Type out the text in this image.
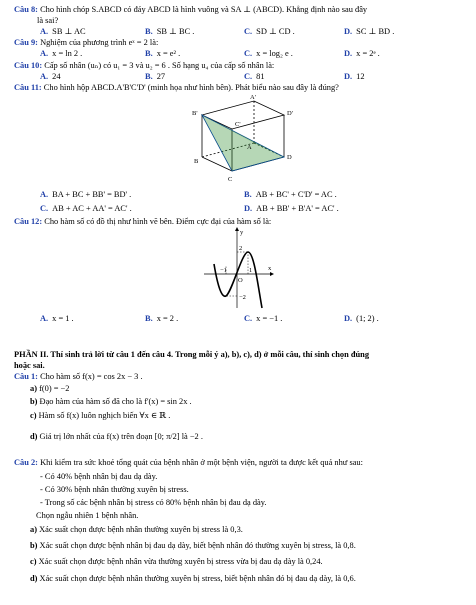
Câu 8: Cho hình chóp S.ABCD có đáy ABCD là hình vuông và SA ⊥ (ABCD). Khẳng định nào sau đây
là sai?
A. SB ⊥ AC	B. SB ⊥ BC .	C. SD ⊥ CD .	D. SC ⊥ BD .
Câu 9: Nghiệm của phương trình eˣ = 2 là:
A. x = ln 2 .	B. x = e² .	C. x = log₂ e .	D. x = 2ᵉ .
Câu 10: Cấp số nhân (uₙ) có u₁ = 3 và u₂ = 6 . Số hạng u₄ của cấp số nhân là:
A. 24	B. 27	C. 81	D. 12
Câu 11: Cho hình hộp ABCD.A'B'C'D' (minh họa như hình bên). Phát biểu nào sau đây là đúng?
A'
D'
B'
C'
A
D
B
C
A. BA + BC + BB' = BD' .	B. AB + BC' + C'D' = AC .
C. AB + AC + AA' = AC' .	D. AB + BB' + B'A' = AC' .
Câu 12: Cho hàm số có đồ thị như hình vẽ bên. Điểm cực đại của hàm số là:
y
x
O
2
−1	1
−2
A. x = 1 .	B. x = 2 .	C. x = −1 .	D. (1; 2) .
PHẦN II. Thí sinh trả lời từ câu 1 đến câu 4. Trong mỗi ý a), b), c), d) ở mỗi câu, thí sinh chọn đúng
hoặc sai.
Câu 1: Cho hàm số f(x) = cos 2x − 3 .
a) f(0) = −2
b) Đạo hàm của hàm số đã cho là f'(x) = sin 2x .
c) Hàm số f(x) luôn nghịch biến ∀x ∈ ℝ .
d) Giá trị lớn nhất của f(x) trên đoạn [0; π/2] là −2 .
Câu 2: Khi kiểm tra sức khoẻ tổng quát của bệnh nhân ở một bệnh viện, người ta được kết quả như sau:
- Có 40% bệnh nhân bị đau dạ dày.
- Có 30% bệnh nhân thường xuyên bị stress.
- Trong số các bệnh nhân bị stress có 80% bệnh nhân bị đau dạ dày.
Chọn ngẫu nhiên 1 bệnh nhân.
a) Xác suất chọn được bệnh nhân thường xuyên bị stress là 0,3.
b) Xác suất chọn được bệnh nhân bị đau dạ dày, biết bệnh nhân đó thường xuyên bị stress, là 0,8.
c) Xác suất chọn được bệnh nhân vừa thường xuyên bị stress vừa bị đau dạ dày là 0,24.
d) Xác suất chọn được bệnh nhân thường xuyên bị stress, biết bệnh nhân đó bị đau dạ dày, là 0,6.
